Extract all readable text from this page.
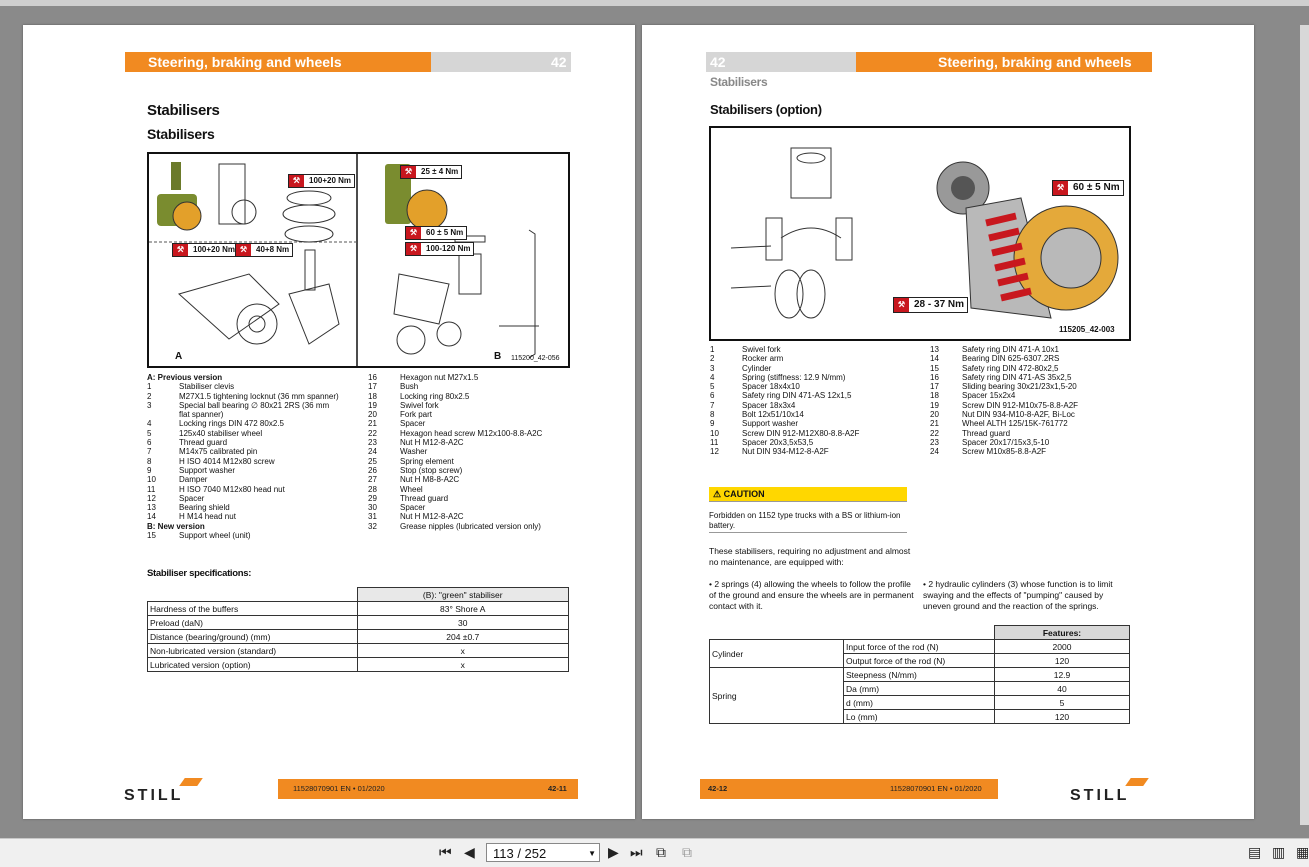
Steering, braking and wheels	42
Stabilisers
Stabilisers
⚒	100+20 Nm
⚒	100+20 Nm ⚒	40+8 Nm
⚒	25 ± 4 Nm
⚒	60 ± 5 Nm
⚒	100-120 Nm
A	B 115200_42-056
A: Previous version
1	Stabiliser clevis
2	M27X1.5 tightening locknut (36 mm spanner)
3	Special ball bearing ∅ 80x21 2RS (36 mm
flat spanner)
4	Locking rings DIN 472 80x2.5
5	125x40 stabiliser wheel
6	Thread guard
7	M14x75 calibrated pin
8	H ISO 4014 M12x80 screw
9	Support washer
10	Damper
11	H ISO 7040 M12x80 head nut
12	Spacer
13	Bearing shield
14	H M14 head nut
B: New version
15	Support wheel (unit)
16	Hexagon nut M27x1.5
17	Bush
18	Locking ring 80x2.5
19	Swivel fork
20	Fork part
21	Spacer
22	Hexagon head screw M12x100-8.8-A2C
23	Nut H M12-8-A2C
24	Washer
25	Spring element
26	Stop (stop screw)
27	Nut H M8-8-A2C
28	Wheel
29	Thread guard
30	Spacer
31	Nut H M12-8-A2C
32	Grease nipples (lubricated version only)
Stabiliser specifications:
	(B): "green" stabiliser
Hardness of the buffers	83° Shore A
Preload (daN)	30
Distance (bearing/ground) (mm)	204 ±0.7
Non-lubricated version (standard)	x
Lubricated version (option)	x
11528070901 EN • 01/2020	42-11
STILL
42	Steering, braking and wheels
Stabilisers
Stabilisers (option)
⚒ 60 ± 5 Nm
⚒ 28 - 37 Nm
115205_42-003
1	Swivel fork
2	Rocker arm
3	Cylinder
4	Spring (stiffness: 12.9 N/mm)
5	Spacer 18x4x10
6	Safety ring DIN 471-AS 12x1,5
7	Spacer 18x3x4
8	Bolt 12x51/10x14
9	Support washer
10	Screw DIN 912-M12X80-8.8-A2F
11	Spacer 20x3,5x53,5
12	Nut DIN 934-M12-8-A2F
13	Safety ring DIN 471-A 10x1
14	Bearing DIN 625-6307.2RS
15	Safety ring DIN 472-80x2,5
16	Safety ring DIN 471-AS 35x2,5
17	Sliding bearing 30x21/23x1,5-20
18	Spacer 15x2x4
19	Screw DIN 912-M10x75-8.8-A2F
20	Nut DIN 934-M10-8-A2F, Bi-Loc
21	Wheel ALTH 125/15K-761772
22	Thread guard
23	Spacer 20x17/15x3,5-10
24	Screw M10x85-8.8-A2F
⚠ CAUTION
Forbidden on 1152 type trucks with a BS or lithium-ion battery.
These stabilisers, requiring no adjustment and almost no maintenance, are equipped with:
• 2 springs (4) allowing the wheels to follow the profile of the ground and ensure the wheels are in permanent contact with it.
• 2 hydraulic cylinders (3) whose function is to limit swaying and the effects of "pumping" caused by uneven ground and the reaction of the springs.
		Features:
Cylinder	Input force of the rod (N)	2000
	Output force of the rod (N)	120
Spring	Steepness (N/mm)	12.9
	Da (mm)	40
	d (mm)	5
	Lo (mm)	120
42-12	11528070901 EN • 01/2020	STILL
⏮ ◀	113 / 252	▼ ▶ ⏭ ⧉ ⧉	▤ ▥ ▦
